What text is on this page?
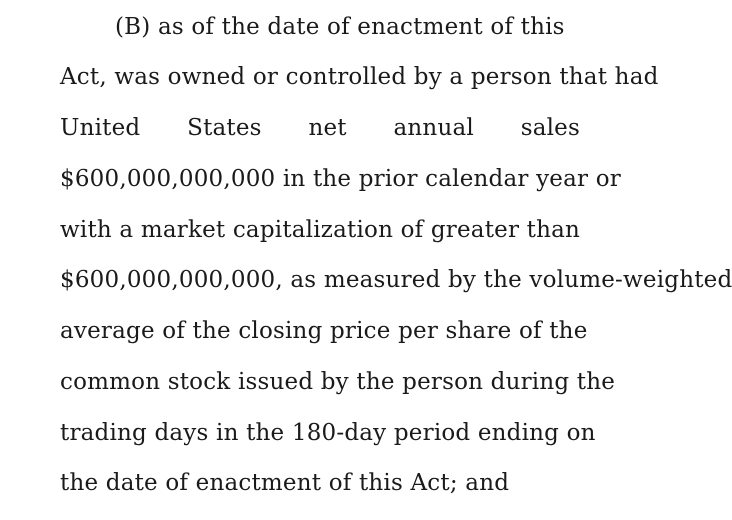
(B) as of the date of enactment of this
Act, was owned or controlled by a person that had
United States net annual sales
$600,000,000,000 in the prior calendar year or
with a market capitalization of greater than
$600,000,000,000, as measured by the volume-weighted
average of the closing price per share of the
common stock issued by the person during the
trading days in the 180-day period ending on
the date of enactment of this Act; and
